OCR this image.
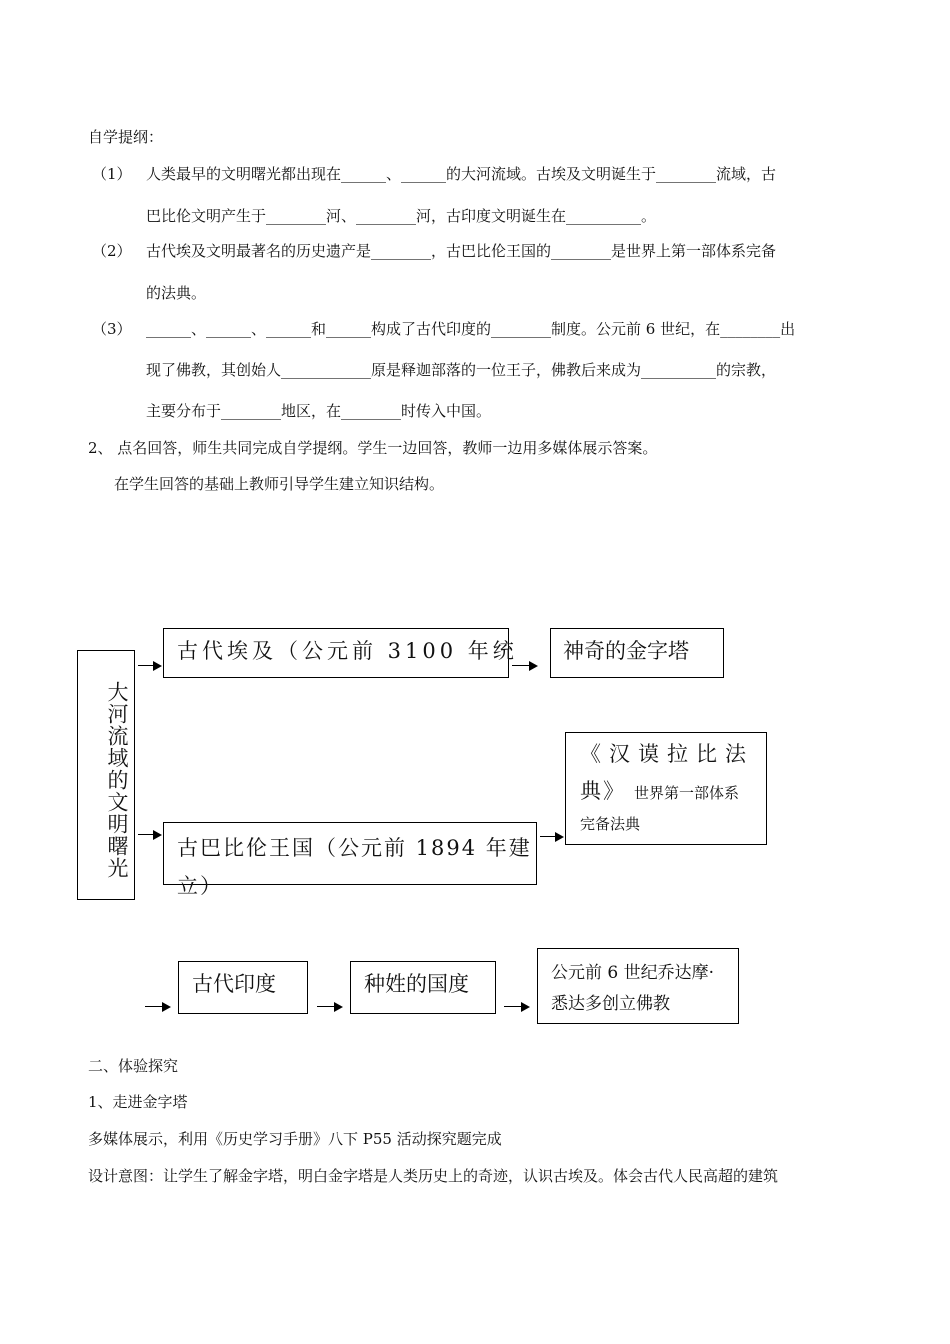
自学提纲：
（1） 人类最早的文明曙光都出现在______、______的大河流域。古埃及文明诞生于________流域，古
巴比伦文明产生于________河、________河，古印度文明诞生在__________。
（2） 古代埃及文明最著名的历史遗产是________，古巴比伦王国的________是世界上第一部体系完备
的法典。
（3） ______、______、______和______构成了古代印度的________制度。公元前 6 世纪，在________出
现了佛教，其创始人____________原是释迦部落的一位王子，佛教后来成为__________的宗教，
主要分布于________地区，在________时传入中国。
2、 点名回答，师生共同完成自学提纲。学生一边回答，教师一边用多媒体展示答案。
在学生回答的基础上教师引导学生建立知识结构。
大河流域的文明曙光
古代埃及（公元前 3100 年统 神奇的金字塔
古巴比伦王国（公元前 1894 年建立）
《汉谟拉比法
典》 世界第一部体系
完备法典
古代印度	种姓的国度	公元前 6 世纪乔达摩·
悉达多创立佛教
二、体验探究
1、走进金字塔
多媒体展示，利用《历史学习手册》八下 P55 活动探究题完成
设计意图：让学生了解金字塔，明白金字塔是人类历史上的奇迹，认识古埃及。体会古代人民高超的建筑
